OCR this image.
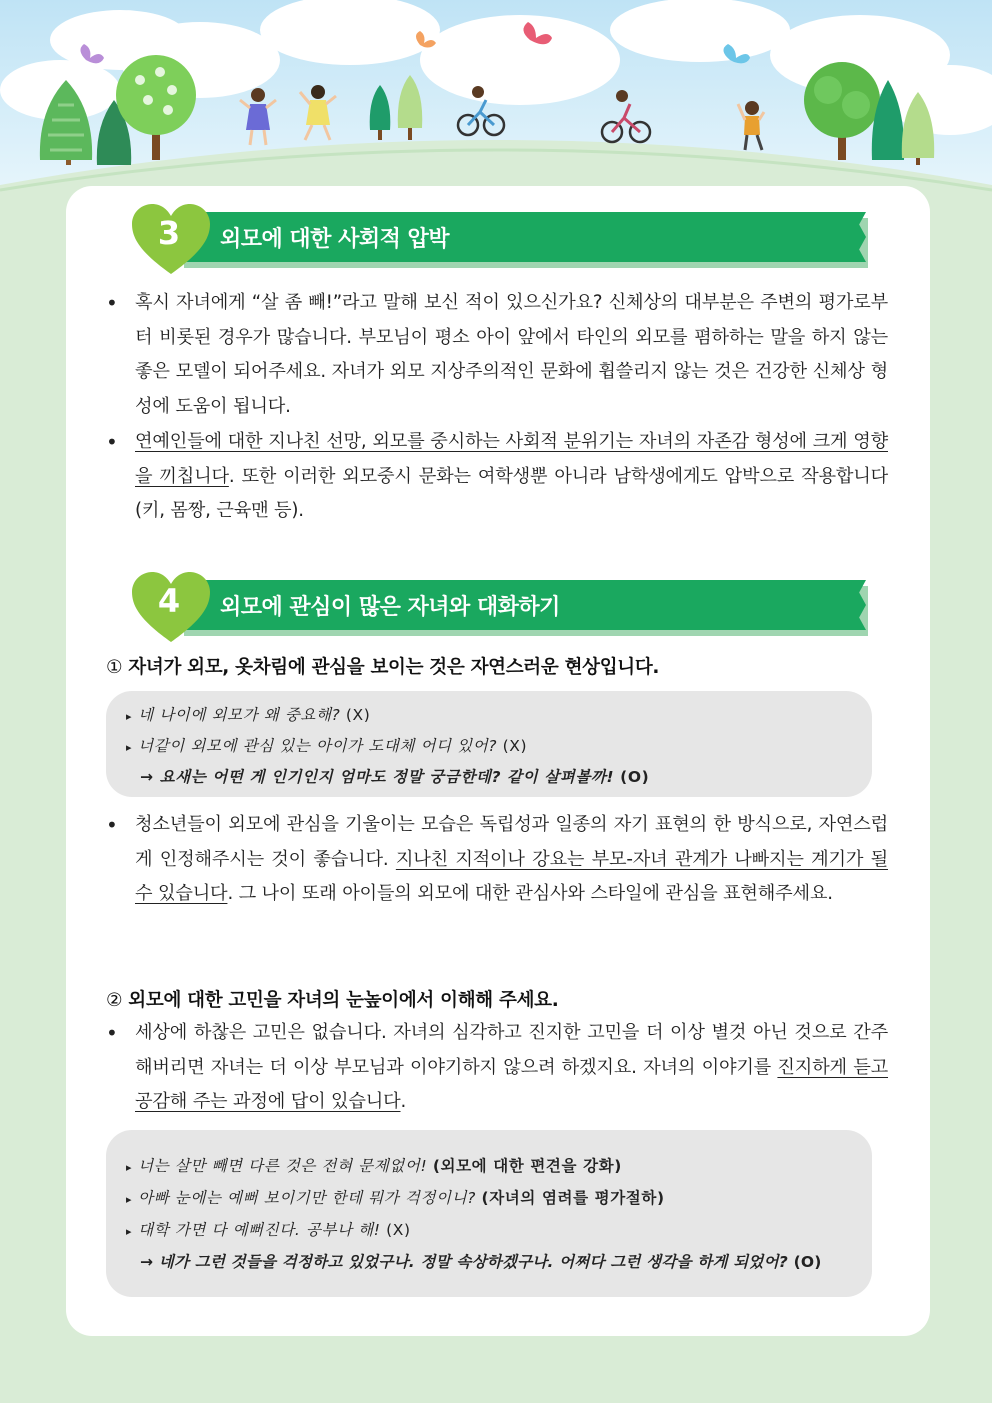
3	외모에 대한 사회적 압박
• 혹시 자녀에게 “살 좀 빼!”라고 말해 보신 적이 있으신가요? 신체상의 대부분은 주변의 평가로부터 비롯된 경우가 많습니다. 부모님이 평소 아이 앞에서 타인의 외모를 폄하하는 말을 하지 않는 좋은 모델이 되어주세요. 자녀가 외모 지상주의적인 문화에 휩쓸리지 않는 것은 건강한 신체상 형성에 도움이 됩니다.
• 연예인들에 대한 지나친 선망, 외모를 중시하는 사회적 분위기는 자녀의 자존감 형성에 크게 영향을 끼칩니다. 또한 이러한 외모중시 문화는 여학생뿐 아니라 남학생에게도 압박으로 작용합니다(키, 몸짱, 근육맨 등).
4	외모에 관심이 많은 자녀와 대화하기
① 자녀가 외모, 옷차림에 관심을 보이는 것은 자연스러운 현상입니다.
▸ 네 나이에 외모가 왜 중요해? (X)
▸ 너같이 외모에 관심 있는 아이가 도대체 어디 있어? (X)
→ 요새는 어떤 게 인기인지 엄마도 정말 궁금한데? 같이 살펴볼까! (O)
• 청소년들이 외모에 관심을 기울이는 모습은 독립성과 일종의 자기 표현의 한 방식으로, 자연스럽게 인정해주시는 것이 좋습니다. 지나친 지적이나 강요는 부모-자녀 관계가 나빠지는 계기가 될 수 있습니다. 그 나이 또래 아이들의 외모에 대한 관심사와 스타일에 관심을 표현해주세요.
② 외모에 대한 고민을 자녀의 눈높이에서 이해해 주세요.
• 세상에 하찮은 고민은 없습니다. 자녀의 심각하고 진지한 고민을 더 이상 별것 아닌 것으로 간주해버리면 자녀는 더 이상 부모님과 이야기하지 않으려 하겠지요. 자녀의 이야기를 진지하게 듣고 공감해 주는 과정에 답이 있습니다.
▸ 너는 살만 빼면 다른 것은 전혀 문제없어! (외모에 대한 편견을 강화)
▸ 아빠 눈에는 예뻐 보이기만 한데 뭐가 걱정이니? (자녀의 염려를 평가절하)
▸ 대학 가면 다 예뻐진다. 공부나 해! (X)
→ 네가 그런 것들을 걱정하고 있었구나. 정말 속상하겠구나. 어쩌다 그런 생각을 하게 되었어? (O)
